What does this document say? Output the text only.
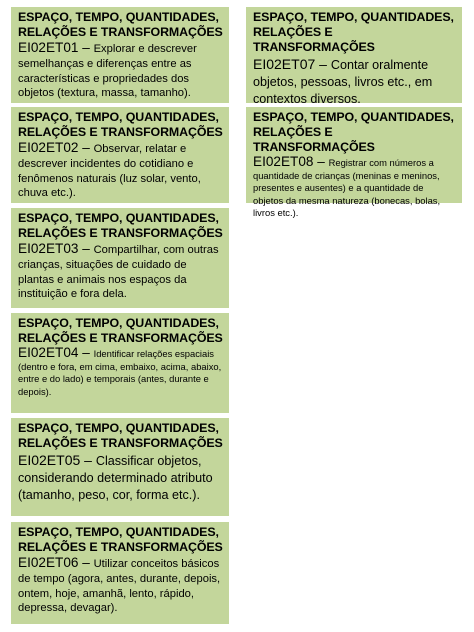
ESPAÇO, TEMPO, QUANTIDADES, RELAÇÕES E TRANSFORMAÇÕES
EI02ET01 – Explorar e descrever semelhanças e diferenças entre as características e propriedades dos objetos (textura, massa, tamanho).
ESPAÇO, TEMPO, QUANTIDADES, RELAÇÕES E TRANSFORMAÇÕES
EI02ET02 – Observar, relatar e descrever incidentes do cotidiano e fenômenos naturais (luz solar, vento, chuva etc.).
ESPAÇO, TEMPO, QUANTIDADES, RELAÇÕES E TRANSFORMAÇÕES
EI02ET03 – Compartilhar, com outras crianças, situações de cuidado de plantas e animais nos espaços da instituição e fora dela.
ESPAÇO, TEMPO, QUANTIDADES, RELAÇÕES E TRANSFORMAÇÕES
EI02ET04 – Identificar relações espaciais (dentro e fora, em cima, embaixo, acima, abaixo, entre e do lado) e temporais (antes, durante e depois).
ESPAÇO, TEMPO, QUANTIDADES, RELAÇÕES E TRANSFORMAÇÕES
EI02ET05 – Classificar objetos, considerando determinado atributo (tamanho, peso, cor, forma etc.).
ESPAÇO, TEMPO, QUANTIDADES, RELAÇÕES E TRANSFORMAÇÕES
EI02ET06 – Utilizar conceitos básicos de tempo (agora, antes, durante, depois, ontem, hoje, amanhã, lento, rápido, depressa, devagar).
ESPAÇO, TEMPO, QUANTIDADES, RELAÇÕES E TRANSFORMAÇÕES
EI02ET07 – Contar oralmente objetos, pessoas, livros etc., em contextos diversos.
ESPAÇO, TEMPO, QUANTIDADES, RELAÇÕES E TRANSFORMAÇÕES
EI02ET08 – Registrar com números a quantidade de crianças (meninas e meninos, presentes e ausentes) e a quantidade de objetos da mesma natureza (bonecas, bolas, livros etc.).
